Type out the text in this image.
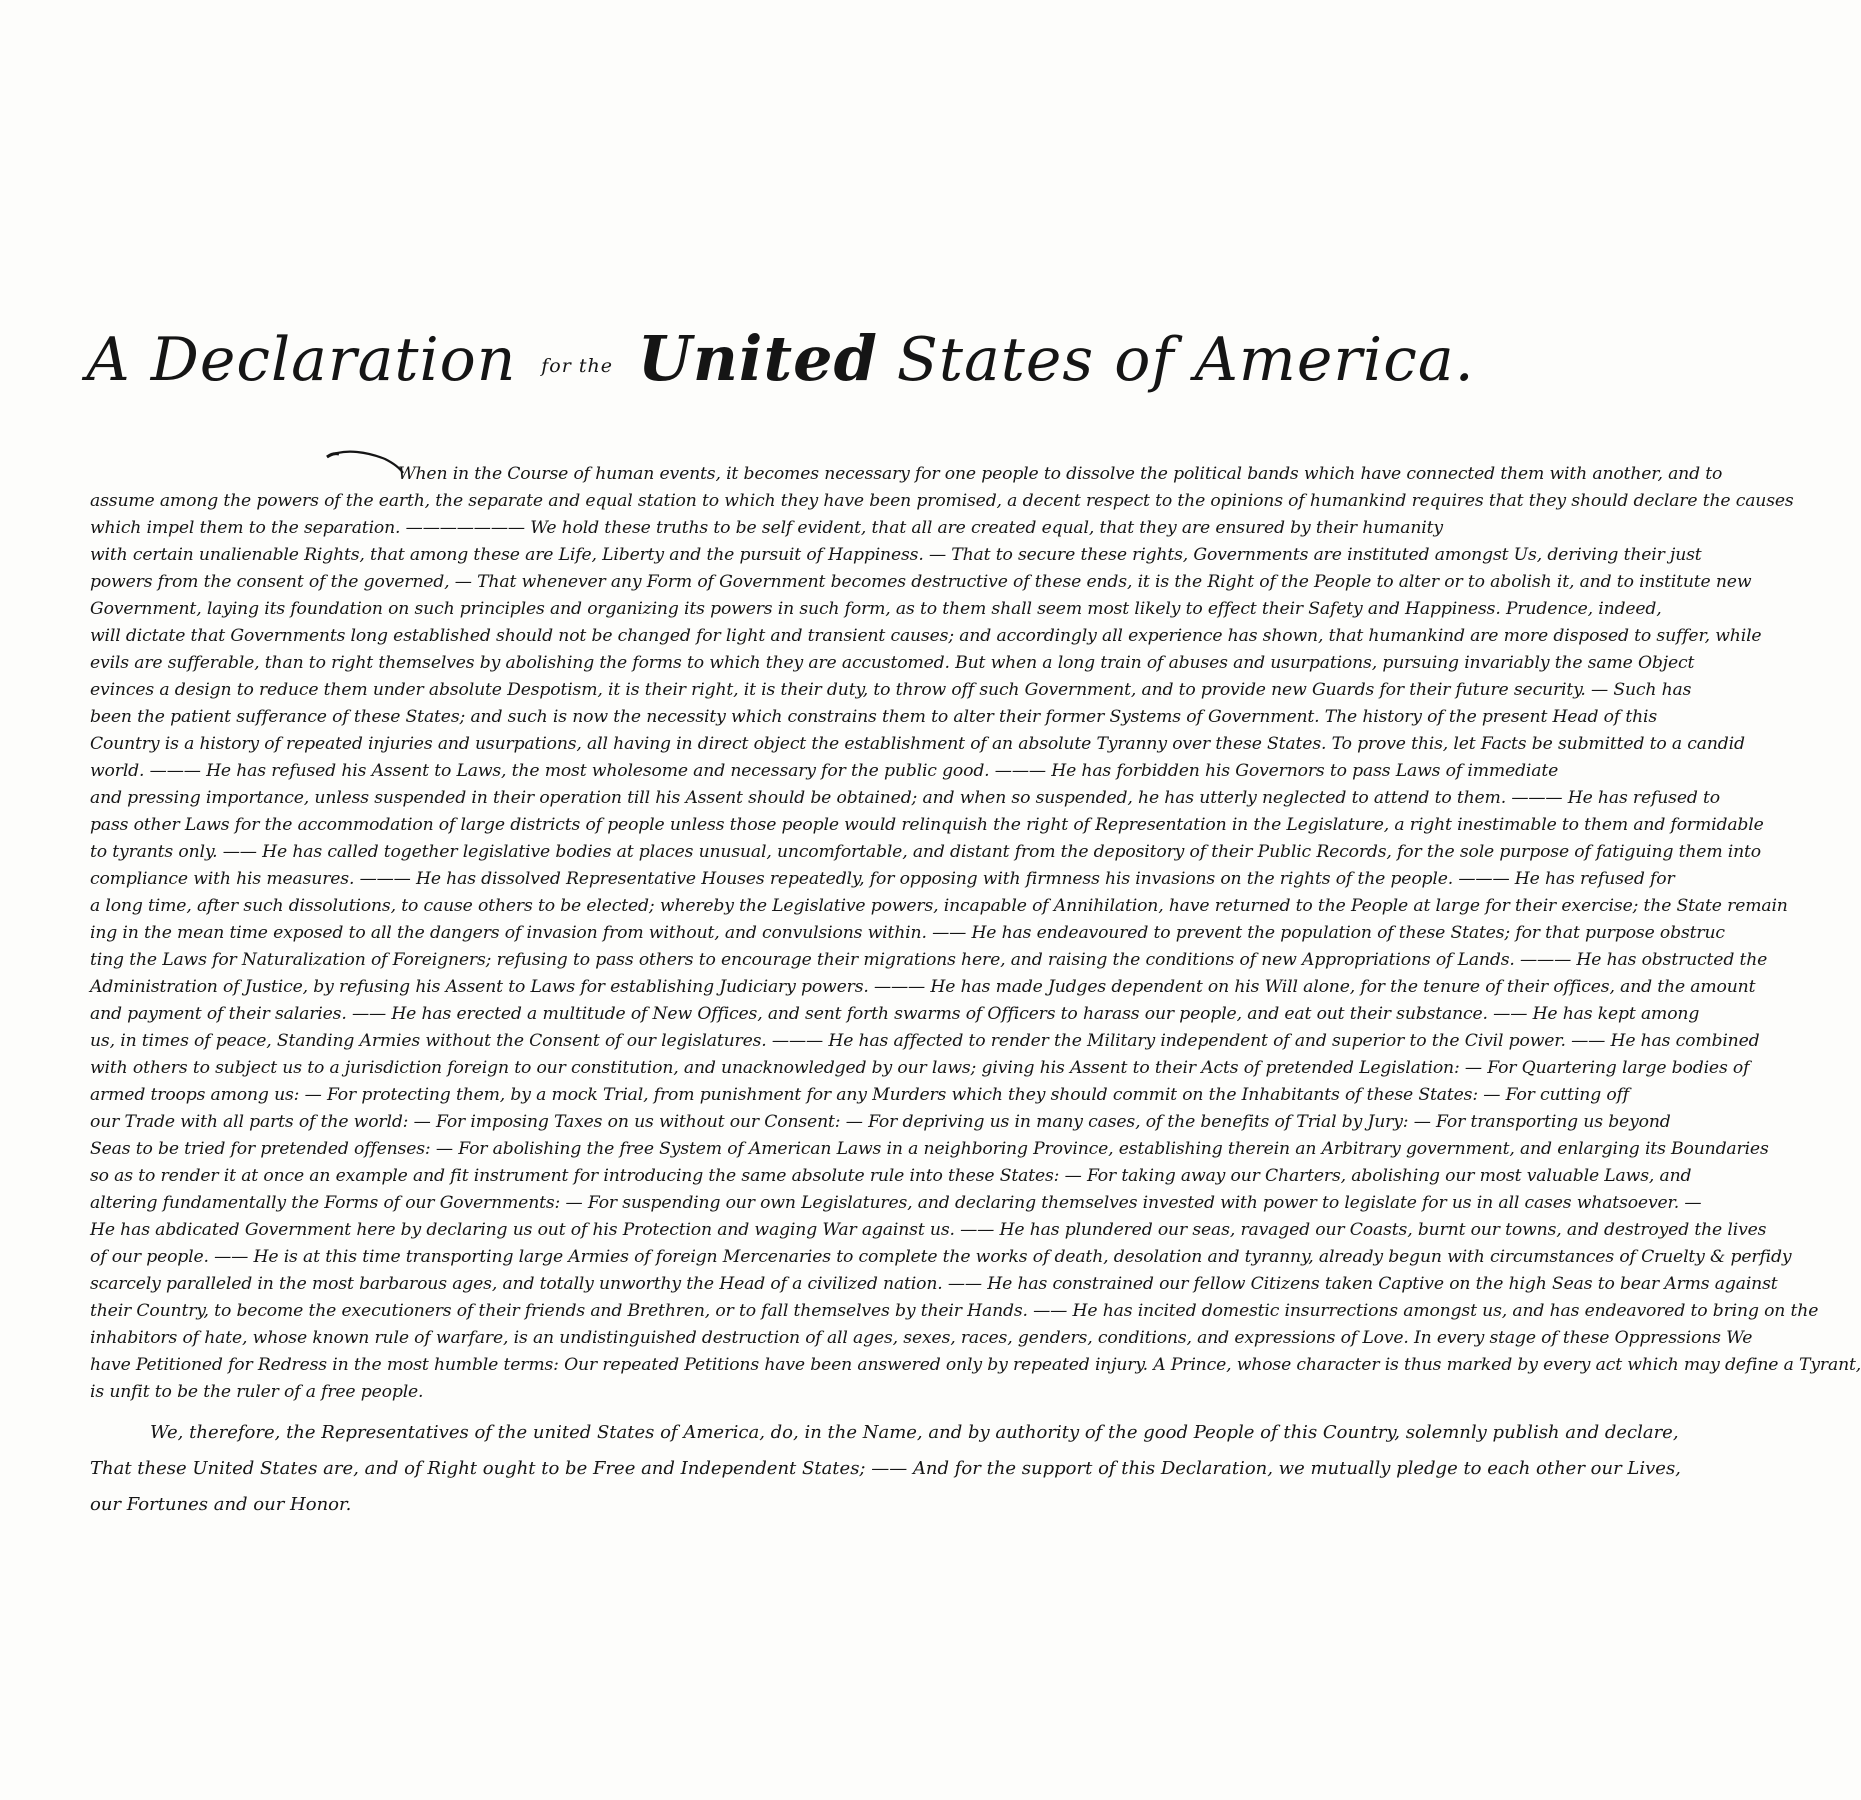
A Declaration for the United States of America.
When in the Course of human events, it becomes necessary for one people to dissolve the political bands which have connected them with another, and to
assume among the powers of the earth, the separate and equal station to which they have been promised, a decent respect to the opinions of humankind requires that they should declare the causes
which impel them to the separation. ——————— We hold these truths to be self evident, that all are created equal, that they are ensured by their humanity
with certain unalienable Rights, that among these are Life, Liberty and the pursuit of Happiness. — That to secure these rights, Governments are instituted amongst Us, deriving their just
powers from the consent of the governed, — That whenever any Form of Government becomes destructive of these ends, it is the Right of the People to alter or to abolish it, and to institute new
Government, laying its foundation on such principles and organizing its powers in such form, as to them shall seem most likely to effect their Safety and Happiness. Prudence, indeed,
will dictate that Governments long established should not be changed for light and transient causes; and accordingly all experience has shown, that humankind are more disposed to suffer, while
evils are sufferable, than to right themselves by abolishing the forms to which they are accustomed. But when a long train of abuses and usurpations, pursuing invariably the same Object
evinces a design to reduce them under absolute Despotism, it is their right, it is their duty, to throw off such Government, and to provide new Guards for their future security. — Such has
been the patient sufferance of these States; and such is now the necessity which constrains them to alter their former Systems of Government. The history of the present Head of this
Country is a history of repeated injuries and usurpations, all having in direct object the establishment of an absolute Tyranny over these States. To prove this, let Facts be submitted to a candid
world. ——— He has refused his Assent to Laws, the most wholesome and necessary for the public good. ——— He has forbidden his Governors to pass Laws of immediate
and pressing importance, unless suspended in their operation till his Assent should be obtained; and when so suspended, he has utterly neglected to attend to them. ——— He has refused to
pass other Laws for the accommodation of large districts of people unless those people would relinquish the right of Representation in the Legislature, a right inestimable to them and formidable
to tyrants only. —— He has called together legislative bodies at places unusual, uncomfortable, and distant from the depository of their Public Records, for the sole purpose of fatiguing them into
compliance with his measures. ——— He has dissolved Representative Houses repeatedly, for opposing with firmness his invasions on the rights of the people. ——— He has refused for
a long time, after such dissolutions, to cause others to be elected; whereby the Legislative powers, incapable of Annihilation, have returned to the People at large for their exercise; the State remain
ing in the mean time exposed to all the dangers of invasion from without, and convulsions within. —— He has endeavoured to prevent the population of these States; for that purpose obstruc
ting the Laws for Naturalization of Foreigners; refusing to pass others to encourage their migrations here, and raising the conditions of new Appropriations of Lands. ——— He has obstructed the
Administration of Justice, by refusing his Assent to Laws for establishing Judiciary powers. ——— He has made Judges dependent on his Will alone, for the tenure of their offices, and the amount
and payment of their salaries. —— He has erected a multitude of New Offices, and sent forth swarms of Officers to harass our people, and eat out their substance. —— He has kept among
us, in times of peace, Standing Armies without the Consent of our legislatures. ——— He has affected to render the Military independent of and superior to the Civil power. —— He has combined
with others to subject us to a jurisdiction foreign to our constitution, and unacknowledged by our laws; giving his Assent to their Acts of pretended Legislation: — For Quartering large bodies of
armed troops among us: — For protecting them, by a mock Trial, from punishment for any Murders which they should commit on the Inhabitants of these States: — For cutting off
our Trade with all parts of the world: — For imposing Taxes on us without our Consent: — For depriving us in many cases, of the benefits of Trial by Jury: — For transporting us beyond
Seas to be tried for pretended offenses: — For abolishing the free System of American Laws in a neighboring Province, establishing therein an Arbitrary government, and enlarging its Boundaries
so as to render it at once an example and fit instrument for introducing the same absolute rule into these States: — For taking away our Charters, abolishing our most valuable Laws, and
altering fundamentally the Forms of our Governments: — For suspending our own Legislatures, and declaring themselves invested with power to legislate for us in all cases whatsoever. —
He has abdicated Government here by declaring us out of his Protection and waging War against us. —— He has plundered our seas, ravaged our Coasts, burnt our towns, and destroyed the lives
of our people. —— He is at this time transporting large Armies of foreign Mercenaries to complete the works of death, desolation and tyranny, already begun with circumstances of Cruelty & perfidy
scarcely paralleled in the most barbarous ages, and totally unworthy the Head of a civilized nation. —— He has constrained our fellow Citizens taken Captive on the high Seas to bear Arms against
their Country, to become the executioners of their friends and Brethren, or to fall themselves by their Hands. —— He has incited domestic insurrections amongst us, and has endeavored to bring on the
inhabitors of hate, whose known rule of warfare, is an undistinguished destruction of all ages, sexes, races, genders, conditions, and expressions of Love. In every stage of these Oppressions We
have Petitioned for Redress in the most humble terms: Our repeated Petitions have been answered only by repeated injury. A Prince, whose character is thus marked by every act which may define a Tyrant,
is unfit to be the ruler of a free people.
We, therefore, the Representatives of the united States of America, do, in the Name, and by authority of the good People of this Country, solemnly publish and declare,
That these United States are, and of Right ought to be Free and Independent States; —— And for the support of this Declaration, we mutually pledge to each other our Lives,
our Fortunes and our Honor.
